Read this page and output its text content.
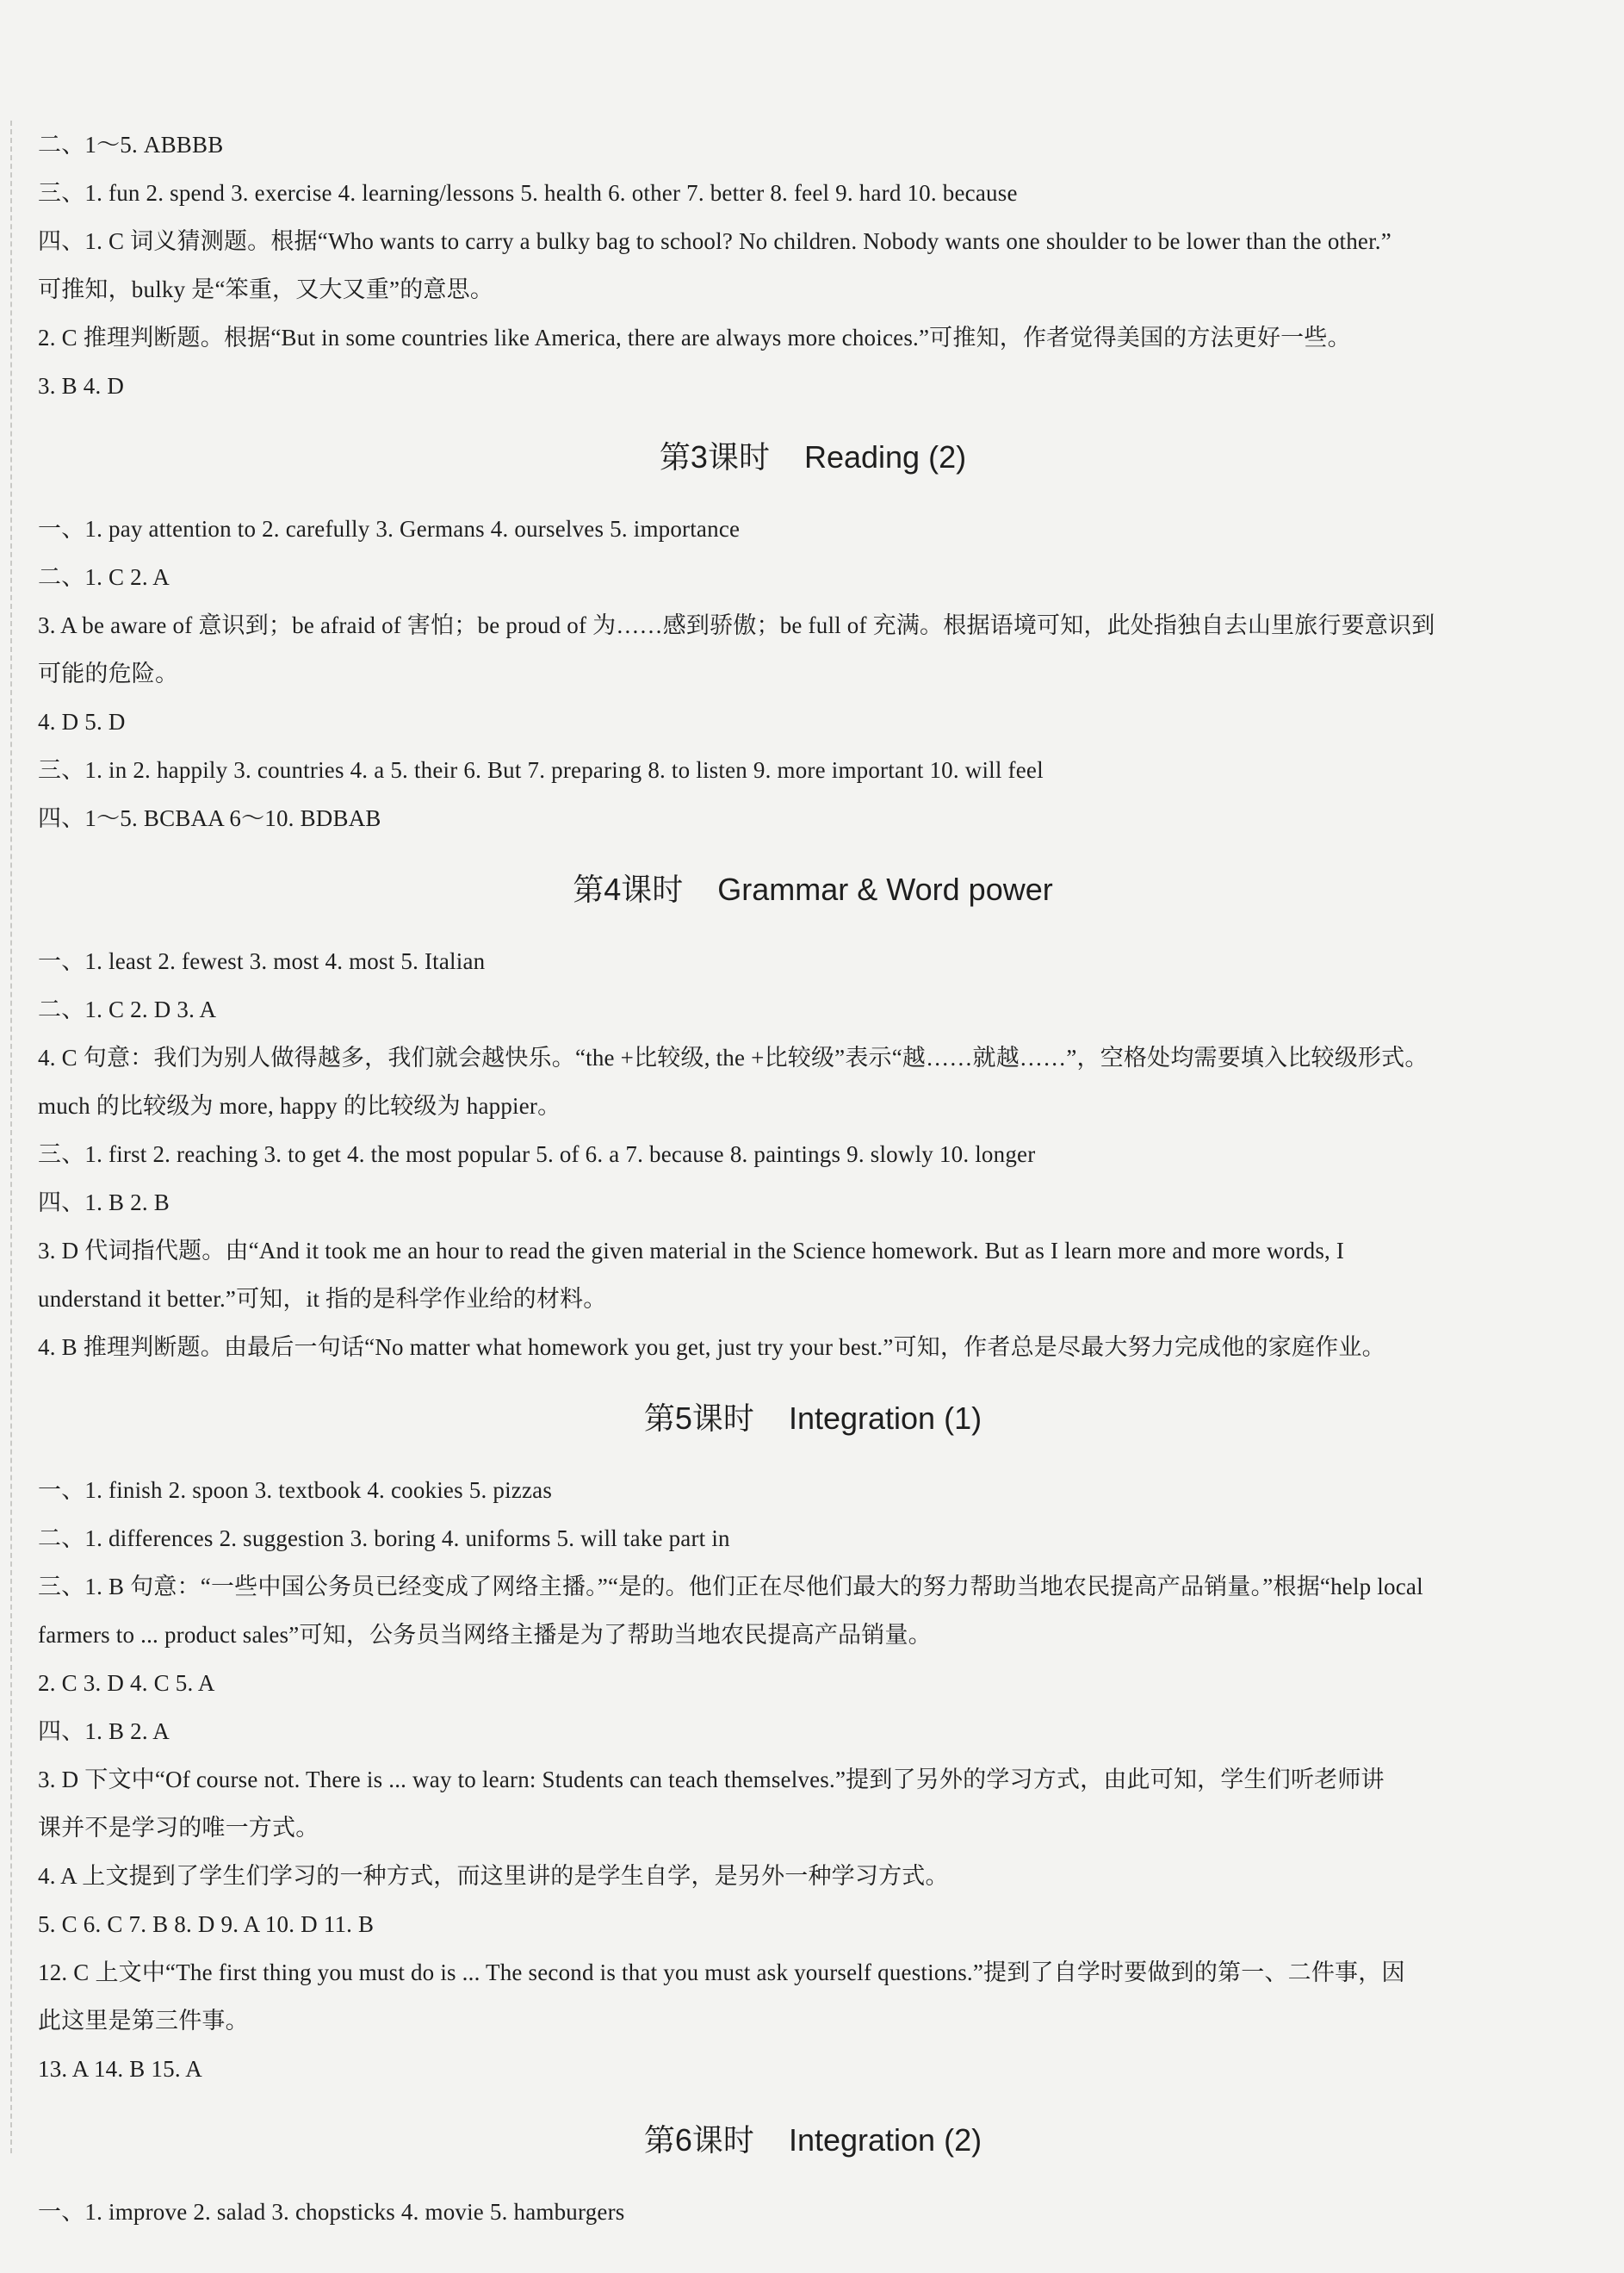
二、1～5. ABBBB
三、1. fun 2. spend 3. exercise 4. learning/lessons 5. health 6. other 7. better 8. feel 9. hard 10. because
四、1. C 词义猜测题。根据“Who wants to carry a bulky bag to school? No children. Nobody wants one shoulder to be lower than the other.”
可推知，bulky 是“笨重，又大又重”的意思。
2. C 推理判断题。根据“But in some countries like America, there are always more choices.”可推知，作者觉得美国的方法更好一些。
3. B 4. D
第3课时 Reading (2)
一、1. pay attention to 2. carefully 3. Germans 4. ourselves 5. importance
二、1. C 2. A
3. A be aware of 意识到；be afraid of 害怕；be proud of 为……感到骄傲；be full of 充满。根据语境可知，此处指独自去山里旅行要意识到
可能的危险。
4. D 5. D
三、1. in 2. happily 3. countries 4. a 5. their 6. But 7. preparing 8. to listen 9. more important 10. will feel
四、1～5. BCBAA 6～10. BDBAB
第4课时 Grammar & Word power
一、1. least 2. fewest 3. most 4. most 5. Italian
二、1. C 2. D 3. A
4. C 句意：我们为别人做得越多，我们就会越快乐。“the +比较级, the +比较级”表示“越……就越……”，空格处均需要填入比较级形式。
much 的比较级为 more, happy 的比较级为 happier。
三、1. first 2. reaching 3. to get 4. the most popular 5. of 6. a 7. because 8. paintings 9. slowly 10. longer
四、1. B 2. B
3. D 代词指代题。由“And it took me an hour to read the given material in the Science homework. But as I learn more and more words, I
understand it better.”可知，it 指的是科学作业给的材料。
4. B 推理判断题。由最后一句话“No matter what homework you get, just try your best.”可知，作者总是尽最大努力完成他的家庭作业。
第5课时 Integration (1)
一、1. finish 2. spoon 3. textbook 4. cookies 5. pizzas
二、1. differences 2. suggestion 3. boring 4. uniforms 5. will take part in
三、1. B 句意：“一些中国公务员已经变成了网络主播。”“是的。他们正在尽他们最大的努力帮助当地农民提高产品销量。”根据“help local
farmers to ... product sales”可知，公务员当网络主播是为了帮助当地农民提高产品销量。
2. C 3. D 4. C 5. A
四、1. B 2. A
3. D 下文中“Of course not. There is ... way to learn: Students can teach themselves.”提到了另外的学习方式，由此可知，学生们听老师讲
课并不是学习的唯一方式。
4. A 上文提到了学生们学习的一种方式，而这里讲的是学生自学，是另外一种学习方式。
5. C 6. C 7. B 8. D 9. A 10. D 11. B
12. C 上文中“The first thing you must do is ... The second is that you must ask yourself questions.”提到了自学时要做到的第一、二件事，因
此这里是第三件事。
13. A 14. B 15. A
第6课时 Integration (2)
一、1. improve 2. salad 3. chopsticks 4. movie 5. hamburgers
